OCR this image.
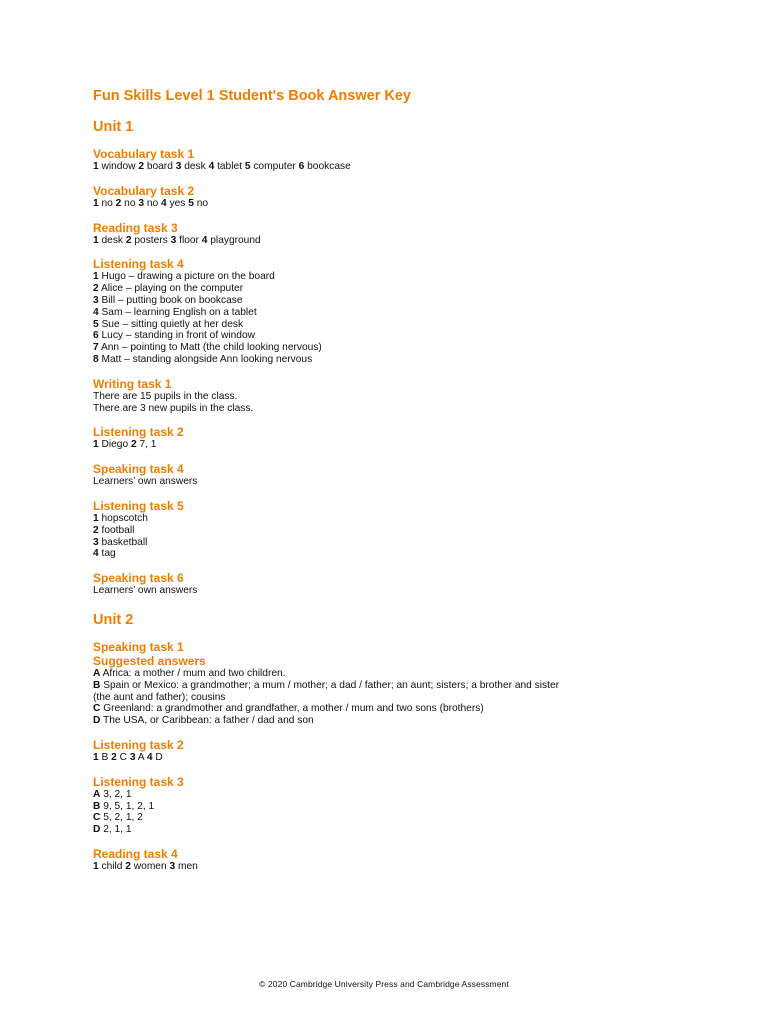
Fun Skills Level 1 Student's Book Answer Key
Unit 1
Vocabulary task 1
1 window 2 board 3 desk 4 tablet 5 computer 6 bookcase
Vocabulary task 2
1 no 2 no 3 no 4 yes 5 no
Reading task 3
1 desk 2 posters 3 floor 4 playground
Listening task 4
1 Hugo – drawing a picture on the board
2 Alice – playing on the computer
3 Bill – putting book on bookcase
4 Sam – learning English on a tablet
5 Sue – sitting quietly at her desk
6 Lucy – standing in front of window
7 Ann – pointing to Matt (the child looking nervous)
8 Matt – standing alongside Ann looking nervous
Writing task 1
There are 15 pupils in the class.
There are 3 new pupils in the class.
Listening task 2
1 Diego 2 7, 1
Speaking task 4
Learners’ own answers
Listening task 5
1 hopscotch
2 football
3 basketball
4 tag
Speaking task 6
Learners’ own answers
Unit 2
Speaking task 1
Suggested answers
A Africa: a mother / mum and two children.
B Spain or Mexico: a grandmother; a mum / mother; a dad / father; an aunt; sisters; a brother and sister
(the aunt and father); cousins
C Greenland: a grandmother and grandfather, a mother / mum and two sons (brothers)
D The USA, or Caribbean: a father / dad and son
Listening task 2
1 B 2 C 3 A 4 D
Listening task 3
A 3, 2, 1
B 9, 5, 1, 2, 1
C 5, 2, 1, 2
D 2, 1, 1
Reading task 4
1 child 2 women 3 men
© 2020 Cambridge University Press and Cambridge Assessment
